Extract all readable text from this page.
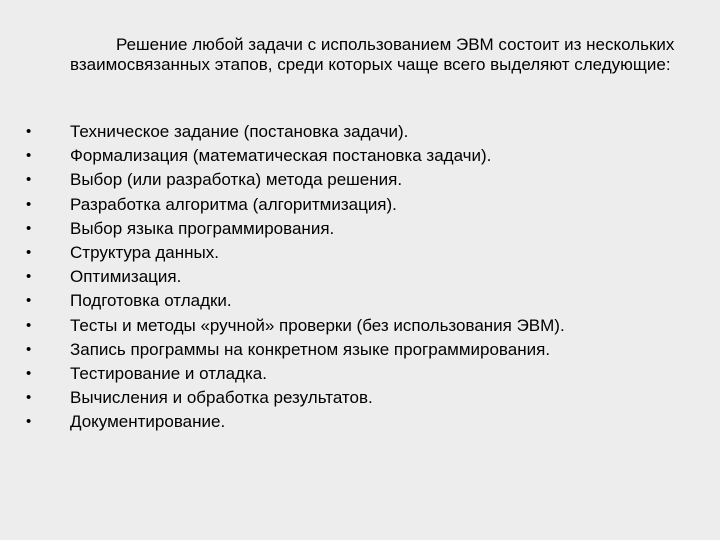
Решение любой задачи с использованием ЭВМ состоит из нескольких взаимосвязанных этапов, среди которых чаще всего выделяют следующие:

• Техническое задание (постановка задачи).
• Формализация (математическая постановка задачи).
• Выбор (или разработка) метода решения.
• Разработка алгоритма (алгоритмизация).
• Выбор языка программирования.
• Структура данных.
• Оптимизация.
• Подготовка отладки.
• Тесты и методы «ручной» проверки (без использования ЭВМ).
• Запись программы на конкретном языке программирования.
• Тестирование и отладка.
• Вычисления и обработка результатов.
• Документирование.
